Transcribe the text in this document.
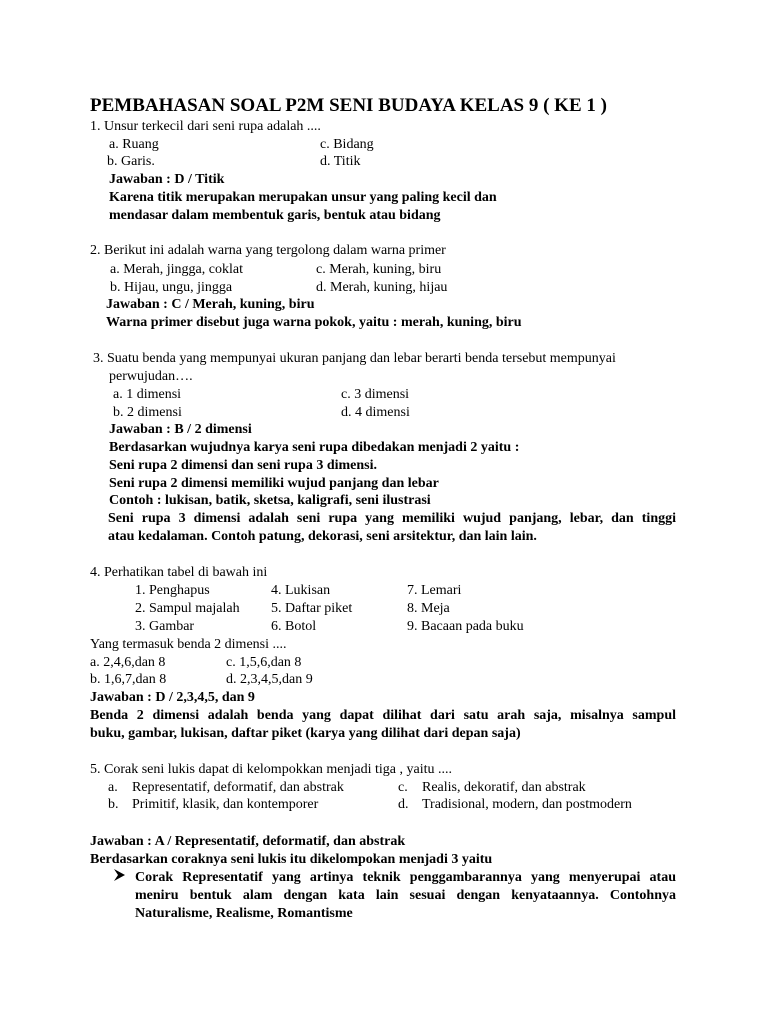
PEMBAHASAN SOAL P2M SENI BUDAYA KELAS 9 ( KE 1 )
1. Unsur terkecil dari seni rupa adalah ....
a. Ruang	c. Bidang
b. Garis.	d. Titik
Jawaban : D / Titik
Karena titik merupakan merupakan unsur yang paling kecil dan
mendasar dalam membentuk garis, bentuk atau bidang
2. Berikut ini adalah warna yang tergolong dalam warna primer
a. Merah, jingga, coklat	c. Merah, kuning, biru
b. Hijau, ungu, jingga	d. Merah, kuning, hijau
Jawaban : C / Merah, kuning, biru
Warna primer disebut juga warna pokok, yaitu : merah, kuning, biru
3. Suatu benda yang mempunyai ukuran panjang dan lebar berarti benda tersebut mempunyai
perwujudan….
a. 1 dimensi	c. 3 dimensi
b. 2 dimensi	d. 4 dimensi
Jawaban : B / 2 dimensi
Berdasarkan wujudnya karya seni rupa dibedakan menjadi 2 yaitu :
Seni rupa 2 dimensi dan seni rupa 3 dimensi.
Seni rupa 2 dimensi memiliki wujud panjang dan lebar
Contoh : lukisan, batik, sketsa, kaligrafi, seni ilustrasi
Seni rupa 3 dimensi adalah seni rupa yang memiliki wujud panjang, lebar, dan tinggi
atau kedalaman. Contoh patung, dekorasi, seni arsitektur, dan lain lain.
4. Perhatikan tabel di bawah ini
1. Penghapus	4. Lukisan	7. Lemari
2. Sampul majalah 5. Daftar piket	8. Meja
3. Gambar	6. Botol	9. Bacaan pada buku
Yang termasuk benda 2 dimensi ....
a. 2,4,6,dan 8	c. 1,5,6,dan 8
b. 1,6,7,dan 8	d. 2,3,4,5,dan 9
Jawaban : D / 2,3,4,5, dan 9
Benda 2 dimensi adalah benda yang dapat dilihat dari satu arah saja, misalnya sampul
buku, gambar, lukisan, daftar piket (karya yang dilihat dari depan saja)
5. Corak seni lukis dapat di kelompokkan menjadi tiga , yaitu ....
a. Representatif, deformatif, dan abstrak	c. Realis, dekoratif, dan abstrak
b. Primitif, klasik, dan kontemporer	d. Tradisional, modern, dan postmodern
Jawaban : A / Representatif, deformatif, dan abstrak
Berdasarkan coraknya seni lukis itu dikelompokan menjadi 3 yaitu
Corak Representatif yang artinya teknik penggambarannya yang menyerupai atau
meniru bentuk alam dengan kata lain sesuai dengan kenyataannya. Contohnya
Naturalisme, Realisme, Romantisme
